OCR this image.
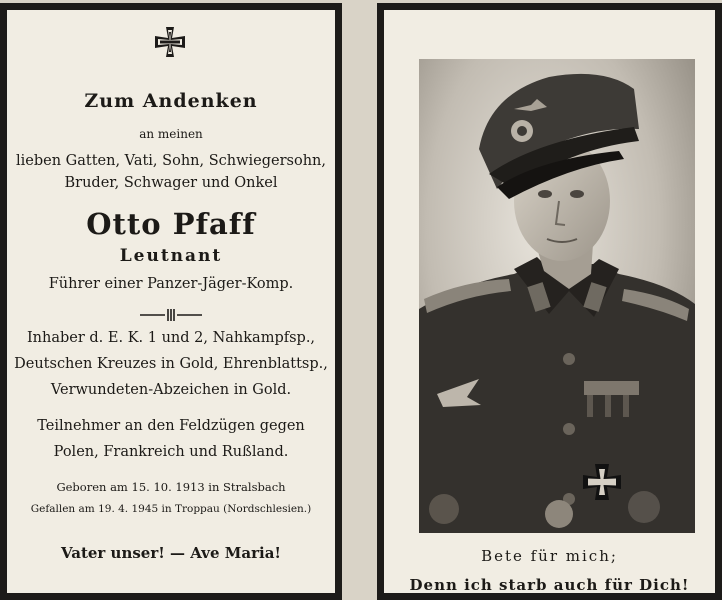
Zum Andenken
an meinen
lieben Gatten, Vati, Sohn, Schwiegersohn,
Bruder, Schwager und Onkel
Otto Pfaff
Leutnant
Führer einer Panzer-Jäger-Komp.
Inhaber d. E. K. 1 und 2, Nahkampfsp.,
Deutschen Kreuzes in Gold, Ehrenblattsp.,
Verwundeten-Abzeichen in Gold.
Teilnehmer an den Feldzügen gegen
Polen, Frankreich und Rußland.
Geboren am 15. 10. 1913 in Stralsbach
Gefallen am 19. 4. 1945 in Troppau (Nordschlesien.)
Vater unser! — Ave Maria!	Bete für mich;
Denn ich starb auch für Dich!
